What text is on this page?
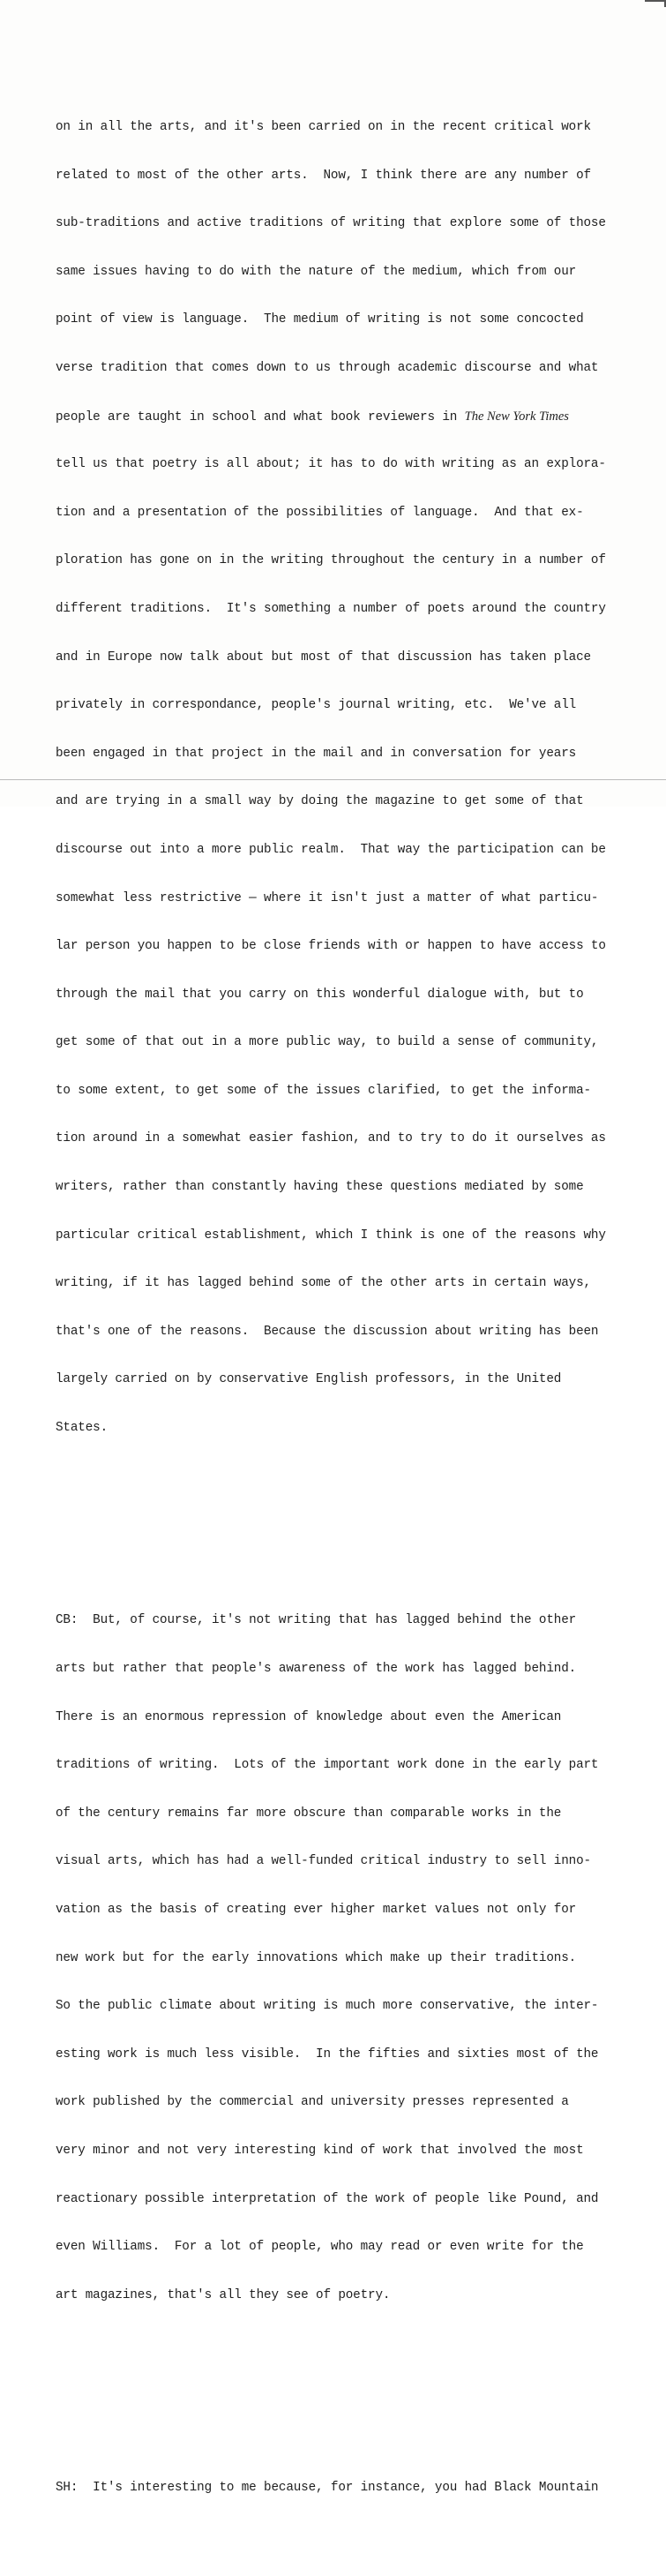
on in all the arts, and it's been carried on in the recent critical work

related to most of the other arts.  Now, I think there are any number of

sub-traditions and active traditions of writing that explore some of those

same issues having to do with the nature of the medium, which from our

point of view is language.  The medium of writing is not some concocted

verse tradition that comes down to us through academic discourse and what

people are taught in school and what book reviewers in The New York Times

tell us that poetry is all about; it has to do with writing as an explora-

tion and a presentation of the possibilities of language.  And that ex-

ploration has gone on in the writing throughout the century in a number of

different traditions.  It's something a number of poets around the country

and in Europe now talk about but most of that discussion has taken place

privately in correspondance, people's journal writing, etc.  We've all

been engaged in that project in the mail and in conversation for years

and are trying in a small way by doing the magazine to get some of that

discourse out into a more public realm.  That way the participation can be

somewhat less restrictive — where it isn't just a matter of what particu-

lar person you happen to be close friends with or happen to have access to

through the mail that you carry on this wonderful dialogue with, but to

get some of that out in a more public way, to build a sense of community,

to some extent, to get some of the issues clarified, to get the informa-

tion around in a somewhat easier fashion, and to try to do it ourselves as

writers, rather than constantly having these questions mediated by some

particular critical establishment, which I think is one of the reasons why

writing, if it has lagged behind some of the other arts in certain ways,

that's one of the reasons.  Because the discussion about writing has been

largely carried on by conservative English professors, in the United

States.

CB:  But, of course, it's not writing that has lagged behind the other

arts but rather that people's awareness of the work has lagged behind.

There is an enormous repression of knowledge about even the American

traditions of writing.  Lots of the important work done in the early part

of the century remains far more obscure than comparable works in the

visual arts, which has had a well-funded critical industry to sell inno-

vation as the basis of creating ever higher market values not only for

new work but for the early innovations which make up their traditions.

So the public climate about writing is much more conservative, the inter-

esting work is much less visible.  In the fifties and sixties most of the

work published by the commercial and university presses represented a

very minor and not very interesting kind of work that involved the most

reactionary possible interpretation of the work of people like Pound, and

even Williams.  For a lot of people, who may read or even write for the

art magazines, that's all they see of poetry.

SH:  It's interesting to me because, for instance, you had Black Mountain
